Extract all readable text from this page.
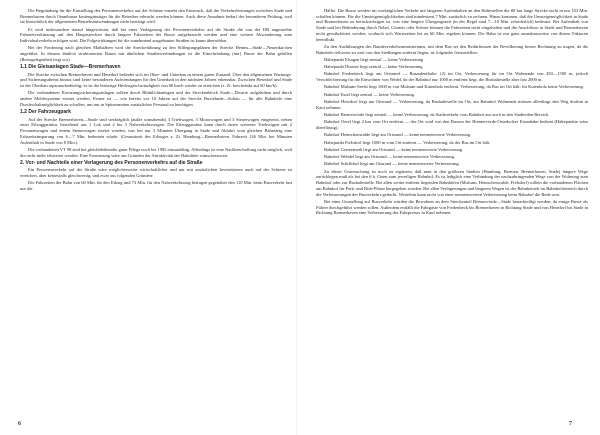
Die Begründung für die Einstellung des Personenverkehrs auf der Schiene ermeht den Einstruck, daß die Verkehrsleistungen zwischen Stade und Bremerhaven durch Omnibusse kostengünstiger für die Betreiber erbracht werden können. Auch diese Annahme bedarf der besonderen Prüfung, weil sie hinsichtlich der allgemeinen Betriebsaufwendungen nicht bestätigt wird.

Es wird insbesondere darauf hingewiesen, daß bei einer Verlagerung des Personenverkehrs auf die Straße die von der DB angestrebte Fahrzeitverkürzung auf den Hauptstrecken durch längere Fahrzeiten der Busse aufgebraucht werden und eine weitere Abwanderung zum Individualverkehr erfolgen wird. Die Folgewirkungen für die zunehmend ausgebauten Straßen ist kaum übersehbar.

Bei der Forderung nach gleichen Maßstäben wird die Streckeführung zu den Stillegungsplänen der Strecke Hemm—Stade—Neuenkirchen angeführt. In diesem ähnlich strukturierten Raum mit ähnlichen Straßenverbindungen ist die Einschränkung (nur) Busse der Bahn gefallen (Reisegelegenheit liegt vor).

1.1 Die Gleisanlagen Stade—Bremerhaven

Die Strecke zwischen Bremerhaven und Hesedorf befindet sich im Ober- und Unterbau in einem guten Zustand. Über den allgemeinen Wartungs- und Sicherungsdienst hinaus sind keine besonderen Aufwendungen für den Unterhalt in den nächsten Jahren erkennbar. Zwischen Hesedorf und Stade ist der Oberbau reparaturbedürftig; es ist die bisherige Höchstgeschwindigkeit von 80 km/h wieder zu erreichen (z. Zt. beschränkt auf 60 km/h).

Die vorhandenen Kreuzungssicherungsanlagen sollten durch Blinklichtanlagen und der Streckenblock Stade—Divarre aufgehoben und durch andere Meldesysteme ersetzt werden. Ferner ist — wie bereits vor 10 Jahren auf der Strecke Buxtehude—Soltau — für alle Bahnhöfe eine Durchschaltmöglichkeit zu schaffen, um nur in Spitzenzeiten zusätzliches Personal zu benötigen.

1.2 Der Fahrzeugpark

Auf der Strecke Bremerhaven—Stade sind werktäglich (außer sonnabends) 3 Triebwagen, 3 Motorwagen und 3 Steuerwagen eingesetzt, neben einer Eilzuggarnitur, bestehend aus 1 Lok und 2 bis 3 Nahverkehrswagen. Die Eilzuggarnitur kann durch einen weiteren Triebwagen mit 2 Personenwagen und einem Steuerwagen ersetzt werden, was bei nur 3 Minuten Übergang in Stade und Abfahrt vom gleichen Bahnsteig eine Fahrzeiteinsparung von 6—7 Min. bedeuten würde. (Gesamtzeit des Eilzuges z. Zt. Hamburg—Bremerhaven, Fahrzeit 126 Min. bei Minuten Aufenthalt in Stade von 8 Min.).

Die vorhandenen VT 98 sind bei gleichbleibender guter Pflege noch bis 1985 einsatzfähig. Allerdings ist eine Nachbeschaffung nicht möglich, weil die nicht mehr fabriziert werden. Eine Erneuerung wäre aus Gründen der Attraktivität der Bahnlinie wünschenswert.

2. Vor- und Nachteile einer Verlagerung des Personenverkehrs auf die Straße

Ein Personenverkehr auf der Straße wäre möglicherweise wirtschaftlicher und nur mit zusätzlichen Investitionen auch auf der Schiene zu erreichen, aber keinesfalls gleichwertig, und zwar aus folgenden Gründen:

Die Fahrzeiten der Bahn von 60 Min. für den Eilzug und 73 Min. für den Nahverkehrszug betragen gegenüber den 110 Min. beim Busverkehr fast nur die

Hälfte. Die Busse werden im werktäglichen Verkehr mit längeren Aufenthalten an den Haltestellen die 80 km lange Strecke nicht in nur 103 Min. schaffen können. Für die Umsteigemöglichkeiten sind mindestens 7 Min. zusätzlich zu rechnen. Hinzu kommen, daß die Umsteigemöglichkeit in Stade und Bremerhaven zu berücksichtigen ist, was eine längere Übergangszeit (in der Regel sind 7—10 Min. erforderlich) bedeutet. Bei Aufenthalt von Stade und bei Behinderung durch Nebel, Glatteis oder Schnee können die Fahrzeiten nicht eingehalten und die Anschlüsse in Stade und Bremerhaven nicht gewährleistet werden, wodurch sich Wartezeiten bis zu 60 Min. ergeben können. Die Bahn ist nur ganz ausnahmsweise von diesen Faktoren beeinflußt.

Zu den Ausführungen des Bundesverkehrsministeriums, mit dem Bus sei den Bedürfnissen der Bevölkerung besser Rechnung zu tragen, da die Bahnhöfe teilweise zu weit von den Siedlungen entfernt liegen, ist folgendes festzustellen:

Haltepunkt Elsagen liegt zentral — keine Verbesserung

Haltepunkt Dinstee liegt zentral — keine Verbesserung

Bahnhof Fredenbeck liegt am Ortsrand — Busaufenthalts- (2) im Ort, Verbesserung für im Ort Wohnende von 450—1500 m, jedoch Verschlechterung für die Einwohner von Wedel, da der Bahnhof nur 1000 m entfernt liegt, die Bushaltestelle aber fast 2000 m.

Bahnhof Mulsum-Seelst liegt 1000 m von Mulsum und Kutenholz entfernt. Verbesserung, da Bus im Ort hält; für Kutenholz keine Verbesserung.

Bahnhof Essel liegt zentral — keine Verbesserung.

Bahnhof Hesedorf liegt am Ortsrand — Verbesserung, da Bushaltestelle im Ort, am Bahnhof Wohnende müssen allerdings den Weg dorthin in Kauf nehmen.

Bahnhof Bremervörde liegt zentral — keine Verbesserung, da Stadtverkehr vom Bahnhof aus auch in den Stadtteilen Bereich.

Bahnhof Oerel liegt 2 km vom Ort entfernt — der Ort wird von den Bussen der Bremervörde-Osterholzer Eisenbahn bedient (Haltepunkte wäre überflüssig).

Bahnhof Heinschenwalde liegt am Ortsrand — keine nennenswerte Verbesserung.

Haltepunkt Frelsdorf liegt 1000 m vom Ort entfernt — Verbesserung, da der Bus im Ort hält.

Bahnhof Geestenseth liegt am Ortsrand — keine nennenswerte Verbesserung.

Bahnhof Wehdel liegt am Ortsrand — keine nennenswerte Verbesserung.

Bahnhof Schiffdorf liegt am Ortsrand — keine nennenswerte Verbesserung.

Zu dieser Untersuchung ist noch zu ergänzen, daß man in den größeren Städten (Hamburg, Bremen, Bremerhaven, Stade) längere Wege zurücklegen muß als bei den 6 b. Orten zum jeweiligen Bahnhof. Es ist lediglich eine Verbindung der nachzubringenden Wege von der Wohnung zum Bahnhof oder zur Bushaltestelle. Bei allen weiter entfernt liegenden Bahnhöfen (Mulsum, Heinschenwalde, Frelsdorf) sollten die vorhandenen Flächen am Bahnhof für Park- and Ride-Plätze hergegeben werden. Bei allen Verlagerungen und längeren Wegen ist der Bahnbetrieb im Bahnhofsbereich durch die Verbesserungen des Busverkehrs gedacht. Weiterhin kann nicht von einer nennenswerten Verbesserung beim Bahnhof die Rede sein.

Bei einer Umstellung auf Busverkehr würden die Bewohner an dem Streckenteil Bremervörde—Stade benachteiligt werden, da einige Busse als Führer durchgeführt werden sollen. Außerdem entfällt die Fahrgäste von Fredenbeck bis Bremerhaven in Richtung Stade und von Hesedorf bis Stade in Richtung Bremerhaven eine Verbesserung des Fahrpreises in Kauf nehmen.

6	7
